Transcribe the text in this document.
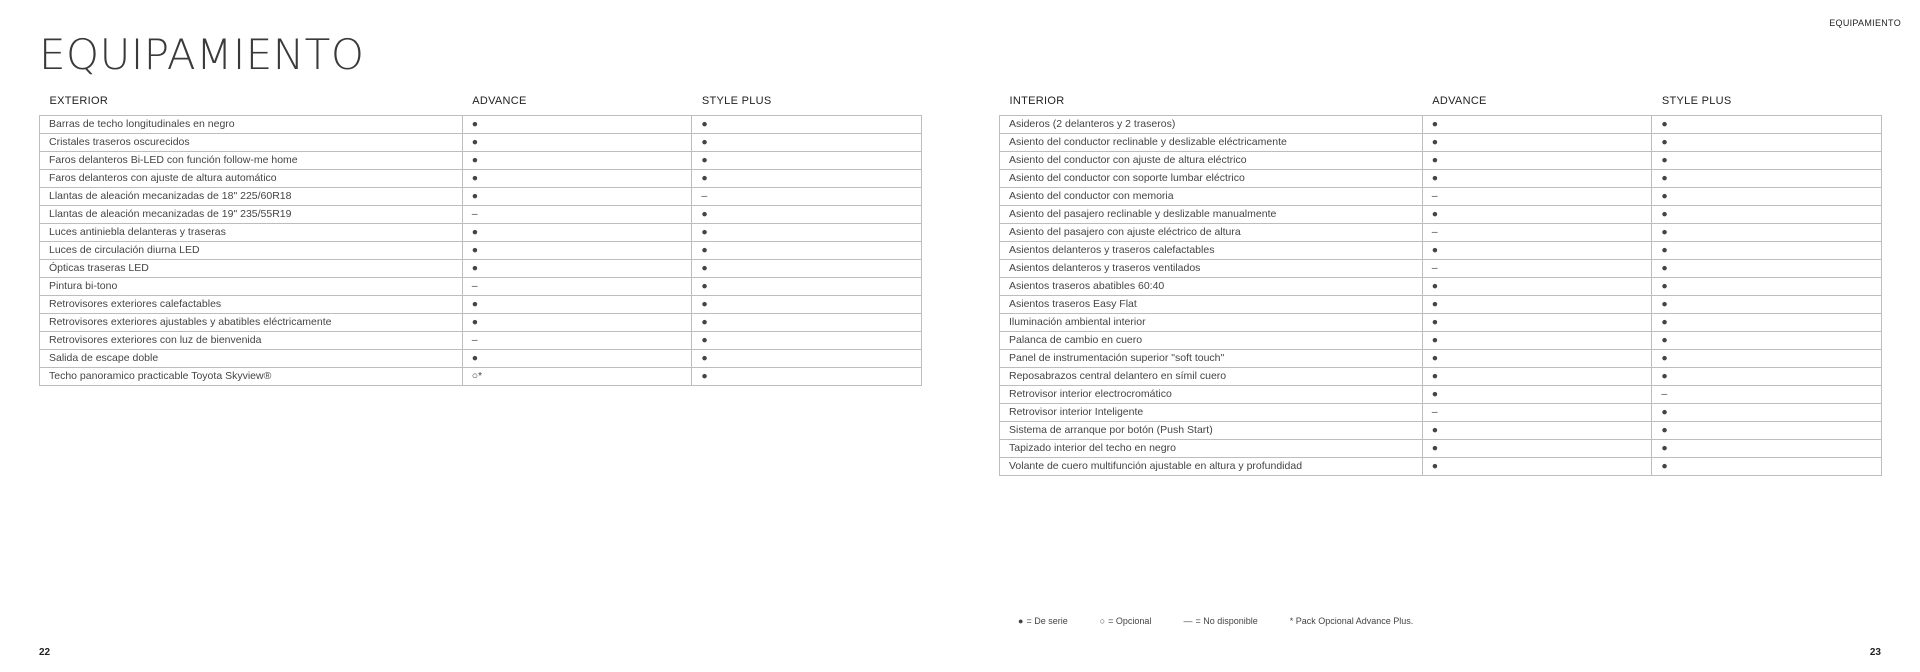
EQUIPAMIENTO
EQUIPAMIENTO
EXTERIOR	ADVANCE	STYLE PLUS
Barras de techo longitudinales en negro	●	●
Cristales traseros oscurecidos	●	●
Faros delanteros Bi-LED con función follow-me home	●	●
Faros delanteros con ajuste de altura automático	●	●
Llantas de aleación mecanizadas de 18" 225/60R18	●	–
Llantas de aleación mecanizadas de 19" 235/55R19	–	●
Luces antiniebla delanteras y traseras	●	●
Luces de circulación diurna LED	●	●
Ópticas traseras LED	●	●
Pintura bi-tono	–	●
Retrovisores exteriores calefactables	●	●
Retrovisores exteriores ajustables y abatibles eléctricamente	●	●
Retrovisores exteriores con luz de bienvenida	–	●
Salida de escape doble	●	●
Techo panoramico practicable Toyota Skyview®	○*	●
INTERIOR	ADVANCE	STYLE PLUS
Asideros (2 delanteros y 2 traseros)	●	●
Asiento del conductor reclinable y deslizable eléctricamente	●	●
Asiento del conductor con ajuste de altura eléctrico	●	●
Asiento del conductor con soporte lumbar eléctrico	●	●
Asiento del conductor con memoria	–	●
Asiento del pasajero reclinable y deslizable manualmente	●	●
Asiento del pasajero con ajuste eléctrico de altura	–	●
Asientos delanteros y traseros calefactables	●	●
Asientos delanteros y traseros ventilados	–	●
Asientos traseros abatibles 60:40	●	●
Asientos traseros Easy Flat	●	●
Iluminación ambiental interior	●	●
Palanca de cambio en cuero	●	●
Panel de instrumentación superior "soft touch"	●	●
Reposabrazos central delantero en símil cuero	●	●
Retrovisor interior electrocromático	●	–
Retrovisor interior Inteligente	–	●
Sistema de arranque por botón (Push Start)	●	●
Tapizado interior del techo en negro	●	●
Volante de cuero multifunción ajustable en altura y profundidad	●	●
● = De serie	○ = Opcional	— = No disponible	* Pack Opcional Advance Plus.
22	23
